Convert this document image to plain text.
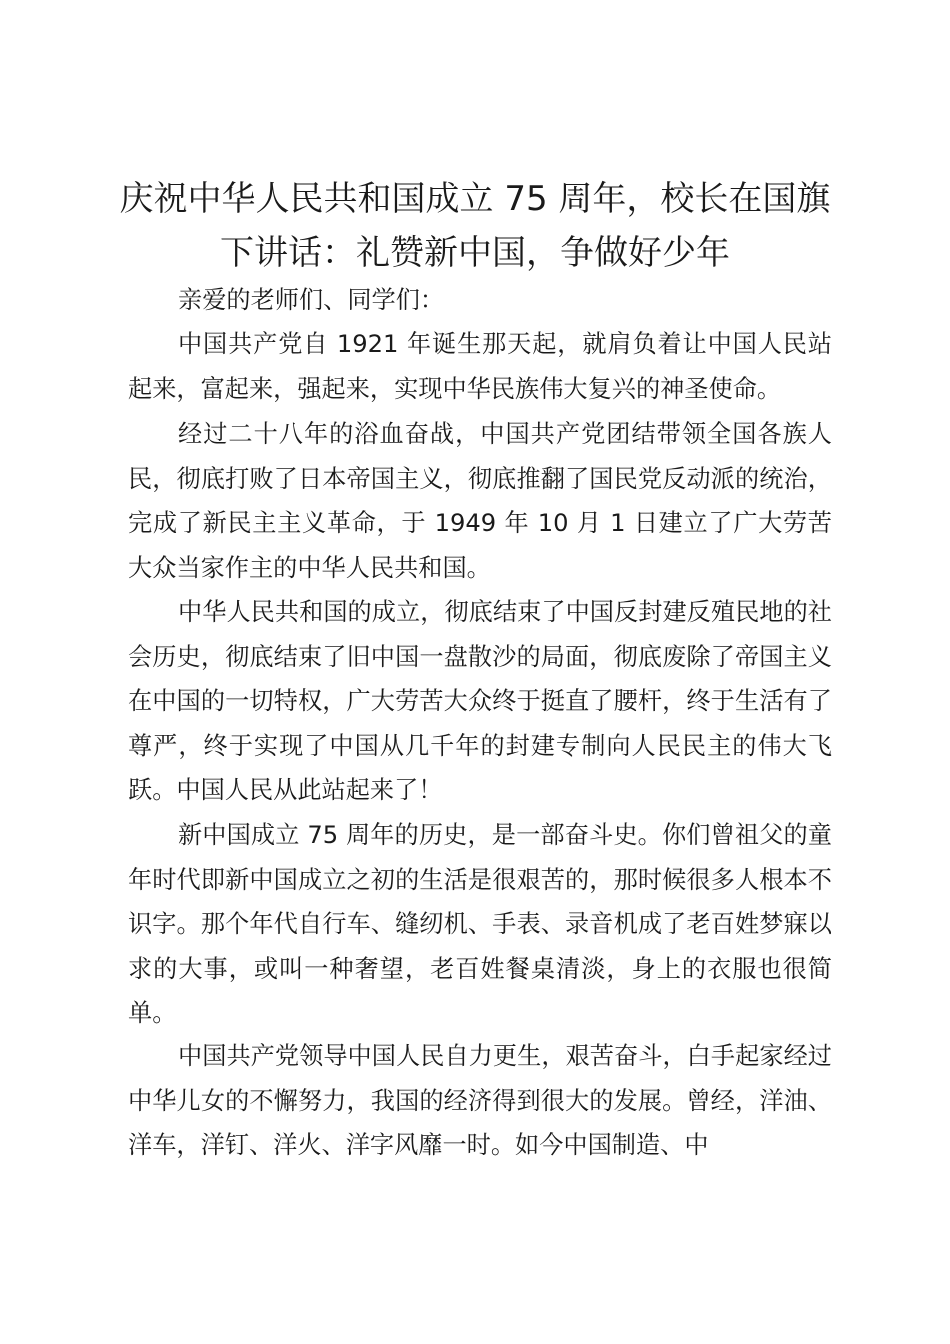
庆祝中华人民共和国成立 75 周年，校长在国旗下讲话：礼赞新中国，争做好少年

亲爱的老师们、同学们：

中国共产党自 1921 年诞生那天起，就肩负着让中国人民站起来，富起来，强起来，实现中华民族伟大复兴的神圣使命。

经过二十八年的浴血奋战，中国共产党团结带领全国各族人民，彻底打败了日本帝国主义，彻底推翻了国民党反动派的统治，完成了新民主主义革命，于 1949 年 10 月 1 日建立了广大劳苦大众当家作主的中华人民共和国。

中华人民共和国的成立，彻底结束了中国反封建反殖民地的社会历史，彻底结束了旧中国一盘散沙的局面，彻底废除了帝国主义在中国的一切特权，广大劳苦大众终于挺直了腰杆，终于生活有了尊严，终于实现了中国从几千年的封建专制向人民民主的伟大飞跃。中国人民从此站起来了！

新中国成立 75 周年的历史，是一部奋斗史。你们曾祖父的童年时代即新中国成立之初的生活是很艰苦的，那时候很多人根本不识字。那个年代自行车、缝纫机、手表、录音机成了老百姓梦寐以求的大事，或叫一种奢望，老百姓餐桌清淡，身上的衣服也很简单。

中国共产党领导中国人民自力更生，艰苦奋斗，白手起家经过中华儿女的不懈努力，我国的经济得到很大的发展。曾经，洋油、洋车，洋钉、洋火、洋字风靡一时。如今中国制造、中
